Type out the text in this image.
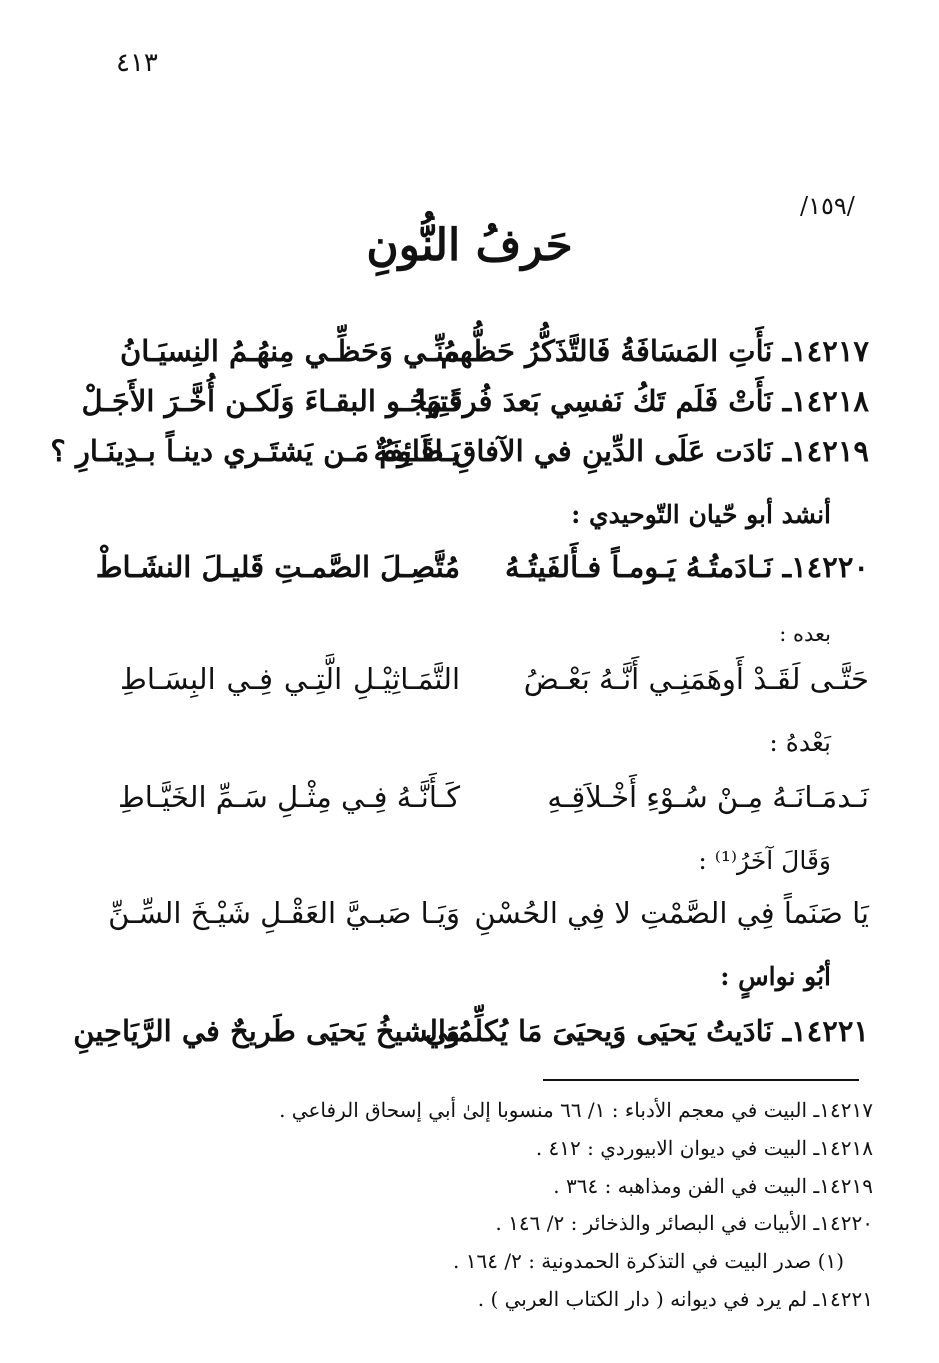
٤١٣
/١٥٩/
حَرفُ النُّونِ
١٤٢١٧ـ نَأَتِ المَسَافَةُ فَالتَّذَكُّرُ حَظُّهمُ
منِّـي وَحَظِّـي مِنهُـمُ النِسيَـانُ
١٤٢١٨ـ نَأَتْ فَلَم تَكُ نَفسِي بَعدَ فُرقَتِهَا
تَـرجُـو البقـاءَ وَلَكـن أُخَّـرَ الأَجَـلْ
١٤٢١٩ـ نَادَت عَلَى الدِّينِ في الآفاقِ طَائِفَةٌ
يَـاقَـومُ مَـن يَشتَـري دينـاً بـدِينَـارِ ؟
أنشد أبو حّيان التّوحيدي :
١٤٢٢٠ـ نَـادَمتُـهُ يَـومـاً فـأَلفَيتُـهُ
مُتَّصِـلَ الصَّمـتِ قَليـلَ النشَـاطْ
بعده :
حَتَّـى لَقَـدْ أَوهَمَنِـي أَنَّـهُ بَعْـضُ
التَّمَـاثِيْـلِ الَّتِـي فِـي البِسَـاطِ
بَعْدهُ :
نَـدمَـانَـهُ مِـنْ سُـوْءِ أَخْـلاَقِـهِ
كَـأَنَّـهُ فِـي مِثْـلِ سَـمِّ الخَيَّـاطِ
وَقَالَ آخَرُ⁽¹⁾ :
يَا صَنَماً فِي الصَّمْتِ لا فِي الحُسْنِ
وَيَـا صَبـيَّ العَقْـلِ شَيْـخَ السِّـنِّ
أبُو نواسٍ :
١٤٢٢١ـ نَادَيتُ يَحيَى وَيحيَىَ مَا يُكلِّمُنِي
وَالشيخُ يَحيَى طَريحٌ في الرَّيَاحِينِ
١٤٢١٧ـ البيت في معجم الأدباء : ١/ ٦٦ منسوبا إلىٰ أبي إسحاق الرفاعي .
١٤٢١٨ـ البيت في ديوان الابيوردي : ٤١٢ .
١٤٢١٩ـ البيت في الفن ومذاهبه : ٣٦٤ .
١٤٢٢٠ـ الأبيات في البصائر والذخائر : ٢/ ١٤٦ .
(١) صدر البيت في التذكرة الحمدونية : ٢/ ١٦٤ .
١٤٢٢١ـ لم يرد في ديوانه ( دار الكتاب العربي ) .
